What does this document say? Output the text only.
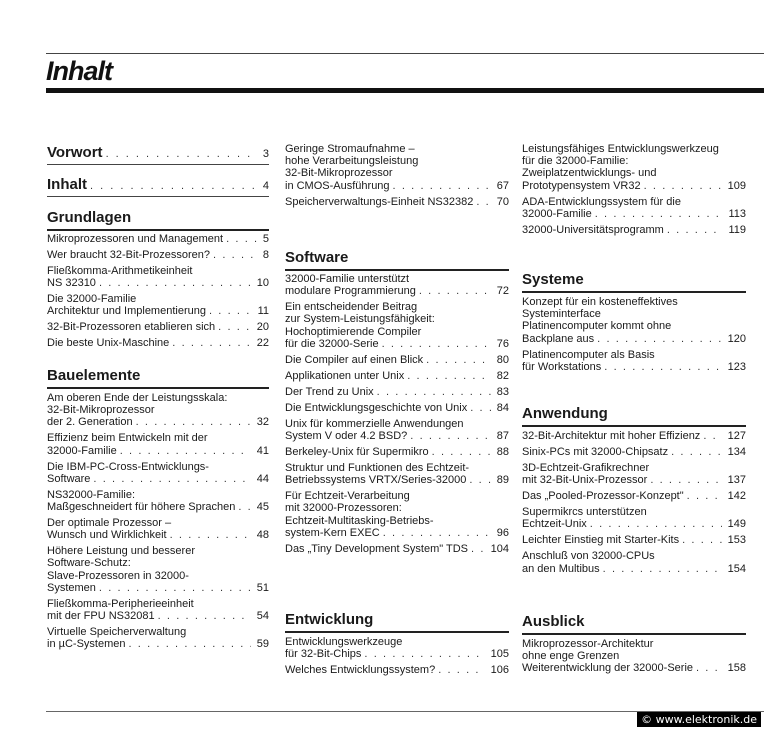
Inhalt
Vorwort . . .	3
Inhalt . . .	4
Grundlagen
Mikroprozessoren und Management . . .	5
Wer braucht 32-Bit-Prozessoren? . . .	8
Fließkomma-Arithmetikeinheit
NS 32310 . . .	10
Die 32000-Familie
Architektur und Implementierung . . .	11
32-Bit-Prozessoren etablieren sich . . .	20
Die beste Unix-Maschine . . .	22
Bauelemente
Am oberen Ende der Leistungsskala:
32-Bit-Mikroprozessor
der 2. Generation . . .	32
Effizienz beim Entwickeln mit der
32000-Familie . . .	41
Die IBM-PC-Cross-Entwicklungs-
Software . . .	44
NS32000-Familie:
Maßgeschneidert für höhere Sprachen . . . 45
Der optimale Prozessor –
Wunsch und Wirklichkeit . . .	48
Höhere Leistung und besserer
Software-Schutz:
Slave-Prozessoren in 32000-
Systemen . . .	51
Fließkomma-Peripherieeinheit
mit der FPU NS32081 . . .	54
Virtuelle Speicherverwaltung
in µC-Systemen . . .	59
Geringe Stromaufnahme –
hohe Verarbeitungsleistung
32-Bit-Mikroprozessor
in CMOS-Ausführung . . .	67
Speicherverwaltungs-Einheit NS32382 . . . 70
Software
32000-Familie unterstützt
modulare Programmierung . . .	72
Ein entscheidender Beitrag
zur System-Leistungsfähigkeit:
Hochoptimierende Compiler
für die 32000-Serie . . .	76
Die Compiler auf einen Blick . . .	80
Applikationen unter Unix . . .	82
Der Trend zu Unix . . .	83
Die Entwicklungsgeschichte von Unix . . .	84
Unix für kommerzielle Anwendungen
System V oder 4.2 BSD? . . .	87
Berkeley-Unix für Supermikro . . .	88
Struktur und Funktionen des Echtzeit-
Betriebssystems VRTX/Series-32000 . . .	89
Für Echtzeit-Verarbeitung
mit 32000-Prozessoren:
Echtzeit-Multitasking-Betriebs-
system-Kern EXEC . . .	96
Das „Tiny Development System" TDS . . . 104
Entwicklung
Entwicklungswerkzeuge
für 32-Bit-Chips . . .	105
Welches Entwicklungssystem? . . .	106
Leistungsfähiges Entwicklungswerkzeug
für die 32000-Familie:
Zweiplatzentwicklungs- und
Prototypensystem VR32 . . .	109
ADA-Entwicklungssystem für die
32000-Familie . . .	113
32000-Universitätsprogramm . . .	119
Systeme
Konzept für ein kosteneffektives
Systeminterface
Platinencomputer kommt ohne
Backplane aus . . .	120
Platinencomputer als Basis
für Workstations . . .	123
Anwendung
32-Bit-Architektur mit hoher Effizienz . . . 127
Sinix-PCs mit 32000-Chipsatz . . .	134
3D-Echtzeit-Grafikrechner
mit 32-Bit-Unix-Prozessor . . .	137
Das „Pooled-Prozessor-Konzept" . . .	142
Supermikrcs unterstützen
Echtzeit-Unix . . .	149
Leichter Einstieg mit Starter-Kits . . .	153
Anschluß von 32000-CPUs
an den Multibus . . .	154
Ausblick
Mikroprozessor-Architektur
ohne enge Grenzen
Weiterentwicklung der 32000-Serie . . .	158
© www.elektronik.de
